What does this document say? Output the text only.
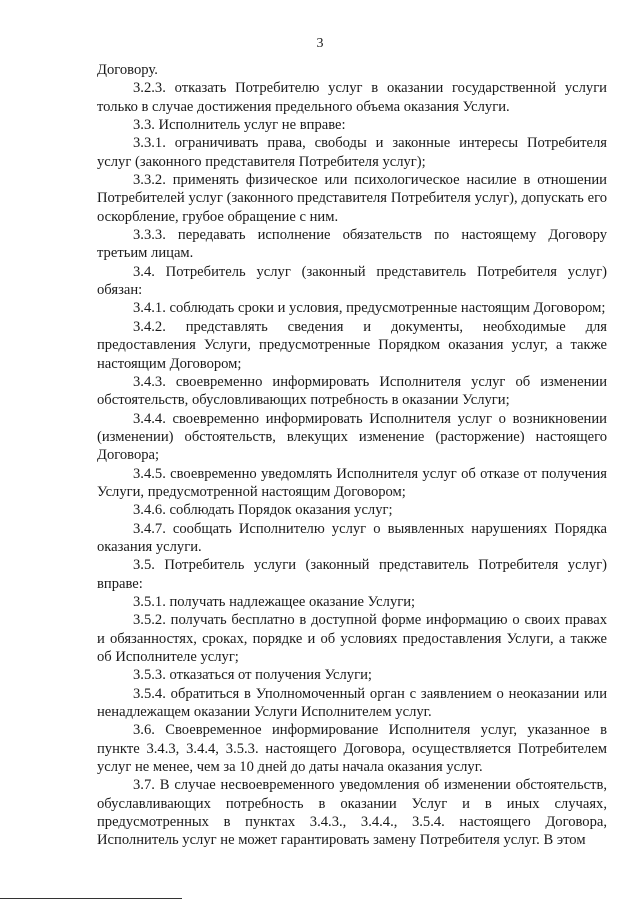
3

Договору.

3.2.3. отказать Потребителю услуг в оказании государственной услуги только в случае достижения предельного объема оказания Услуги.

3.3. Исполнитель услуг не вправе:

3.3.1. ограничивать права, свободы и законные интересы Потребителя услуг (законного представителя Потребителя услуг);

3.3.2. применять физическое или психологическое насилие в отношении Потребителей услуг (законного представителя Потребителя услуг), допускать его оскорбление, грубое обращение с ним.

3.3.3. передавать исполнение обязательств по настоящему Договору третьим лицам.

3.4. Потребитель услуг (законный представитель Потребителя услуг) обязан:

3.4.1. соблюдать сроки и условия, предусмотренные настоящим Договором;

3.4.2. представлять сведения и документы, необходимые для предоставления Услуги, предусмотренные Порядком оказания услуг, а также настоящим Договором;

3.4.3. своевременно информировать Исполнителя услуг об изменении обстоятельств, обусловливающих потребность в оказании Услуги;

3.4.4. своевременно информировать Исполнителя услуг о возникновении (изменении) обстоятельств, влекущих изменение (расторжение) настоящего Договора;

3.4.5. своевременно уведомлять Исполнителя услуг об отказе от получения Услуги, предусмотренной настоящим Договором;

3.4.6. соблюдать Порядок оказания услуг;

3.4.7. сообщать Исполнителю услуг о выявленных нарушениях Порядка оказания услуги.

3.5. Потребитель услуги (законный представитель Потребителя услуг) вправе:

3.5.1. получать надлежащее оказание Услуги;

3.5.2. получать бесплатно в доступной форме информацию о своих правах и обязанностях, сроках, порядке и об условиях предоставления Услуги, а также об Исполнителе услуг;

3.5.3. отказаться от получения Услуги;

3.5.4. обратиться в Уполномоченный орган с заявлением о неоказании или ненадлежащем оказании Услуги Исполнителем услуг.

3.6. Своевременное информирование Исполнителя услуг, указанное в пункте 3.4.3, 3.4.4, 3.5.3. настоящего Договора, осуществляется Потребителем услуг не менее, чем за 10 дней до даты начала оказания услуг.

3.7. В случае несвоевременного уведомления об изменении обстоятельств, обуславливающих потребность в оказании Услуг и в иных случаях, предусмотренных в пунктах 3.4.3., 3.4.4., 3.5.4. настоящего Договора, Исполнитель услуг не может гарантировать замену Потребителя услуг. В этом
